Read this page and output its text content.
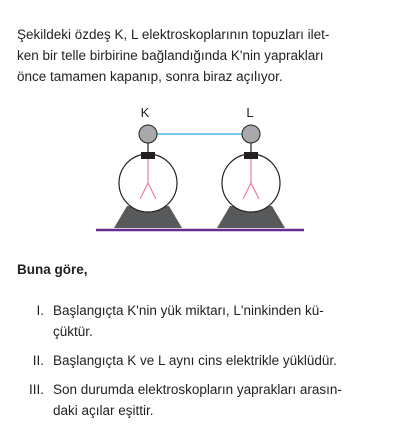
Şekildeki özdeş K, L elektroskoplarının topuzları ilet-
ken bir telle birbirine bağlandığında K'nin yaprakları
önce tamamen kapanıp, sonra biraz açılıyor.

K	L

Buna göre,

I. Başlangıçta K'nin yük miktarı, L'ninkinden kü-
çüktür.
II. Başlangıçta K ve L aynı cins elektrikle yüklüdür.
III. Son durumda elektroskopların yaprakları arasın-
daki açılar eşittir.
